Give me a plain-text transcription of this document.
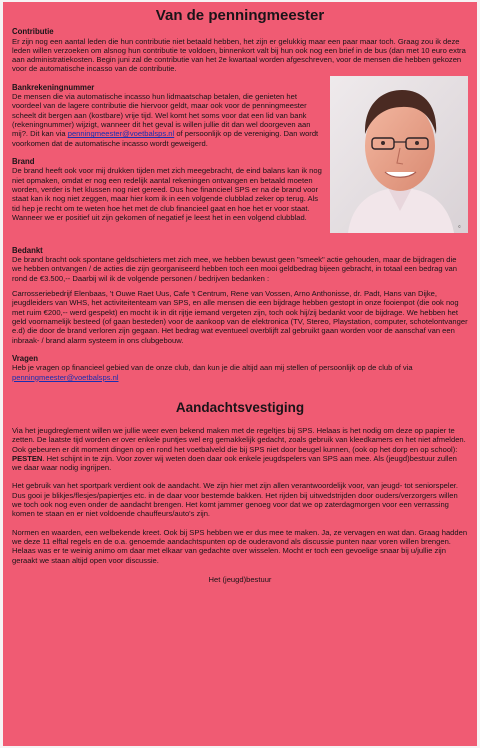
Van de penningmeester

Contributie

Er zijn nog een aantal leden die hun contributie niet betaald hebben, het zijn er gelukkig maar een paar maar toch. Graag zou ik deze leden willen verzoeken om alsnog hun contributie te voldoen, binnenkort valt bij hun ook nog een brief in de bus (dan met 10 euro extra aan administratiekosten. Begin juni zal de contributie van het 2e kwartaal worden afgeschreven, voor de mensen die hebben gekozen voor de automatische incasso van de contributie.

©

Bankrekeningnummer

De mensen die via automatische incasso hun lidmaatschap betalen, die genieten het voordeel van de lagere contributie die hiervoor geldt, maar ook voor de penningmeester scheelt dit bergen aan (kostbare) vrije tijd. Wel komt het soms voor dat een lid van bank (rekeningnummer) wijzigt, wanneer dit het geval is willen jullie dit dan wel doorgeven aan mij?. Dit kan via penningmeester@voetbalsps.nl of persoonlijk op de vereniging. Dan wordt voorkomen dat de automatische incasso wordt geweigerd.

Brand

De brand heeft ook voor mij drukken tijden met zich meegebracht, de eind balans kan ik nog niet opmaken, omdat er nog een redelijk aantal rekeningen ontvangen en betaald moeten worden, verder is het klussen nog niet gereed. Dus hoe financieel SPS er na de brand voor staat kan ik nog niet zeggen, maar hier kom ik in een volgende clubblad zeker op terug. Als tid hep je recht om te weten hoe het met de club financieel gaat en hoe het er voor staat. Wanneer we er positief uit zijn gekomen of negatief je leest het in een volgend clubblad.

Bedankt

De brand bracht ook spontane geldschieters met zich mee, we hebben bewust geen "smeek" actie gehouden, maar de bijdragen die we hebben ontvangen / de acties die zijn georganiseerd hebben toch een mooi geldbedrag bijeen gebracht, in totaal een bedrag van rond de €3.500,-- Daarbij wil ik de volgende personen / bedrijven bedanken :

Carrosseriebedrijf Elenbaas, 't Ouwe Raet Uus, Cafe 't Centrum, Rene van Vossen, Arno Anthonisse, dr. Padt, Hans van Dijke, jeugdleiders van WHS, het activiteitenteam van SPS, en alle mensen die een bijdrage hebben gestopt in onze fooienpot (die ook nog met ruim €200,-- werd gespekt) en mocht ik in dit rijtje iemand vergeten zijn, toch ook hij/zij bedankt voor de bijdrage. We hebben het geld voornamelijk besteed (of gaan besteden) voor de aankoop van de elektronica (TV, Stereo, Playstation, computer, schotelontvanger e.d) die door de brand verloren zijn gegaan. Het bedrag wat eventueel overblijft zal gebruikt gaan worden voor de aanschaf van een inbraak- / brand alarm systeem in ons clubgebouw.

Vragen

Heb je vragen op financieel gebied van de onze club, dan kun je die altijd aan mij stellen of persoonlijk op de club of via penningmeester@voetbalsps.nl

Aandachtsvestiging

Via het jeugdreglement willen we jullie weer even bekend maken met de regeltjes bij SPS. Helaas is het nodig om deze op papier te zetten. De laatste tijd worden er over enkele puntjes wel erg gemakkelijk gedacht, zoals gebruik van kleedkamers en het niet afmelden. Ook gebeuren er dit moment dingen op en rond het voetbalveld die bij SPS niet door beugel kunnen, (ook op het dorp en op school): PESTEN. Het schijnt in te zijn. Voor zover wij weten doen daar ook enkele jeugdspelers van SPS aan mee. Als (jeugd)bestuur zullen we daar waar nodig ingrijpen.

Het gebruik van het sportpark verdient ook de aandacht. We zijn hier met zijn allen verantwoordelijk voor, van jeugd- tot seniorspeler. Dus gooi je blikjes/flesjes/papiertjes etc. in de daar voor bestemde bakken. Het rijden bij uitwedstrijden door ouders/verzorgers willen we toch ook nog even onder de aandacht brengen. Het komt jammer genoeg voor dat we op zaterdagmorgen voor een verrassing komen te staan en er niet voldoende chauffeurs/auto's zijn.

Normen en waarden, een welbekende kreet. Ook bij SPS hebben we er dus mee te maken. Ja, ze vervagen en wat dan. Graag hadden we deze 11 elftal regels en de o.a. genoemde aandachtspunten op de ouderavond als discussie punten naar voren willen brengen. Helaas was er te weinig animo om daar met elkaar van gedachte over wisselen. Mocht er toch een gevoelige snaar bij u/jullie zijn geraakt we staan altijd open voor discussie.

Het (jeugd)bestuur
